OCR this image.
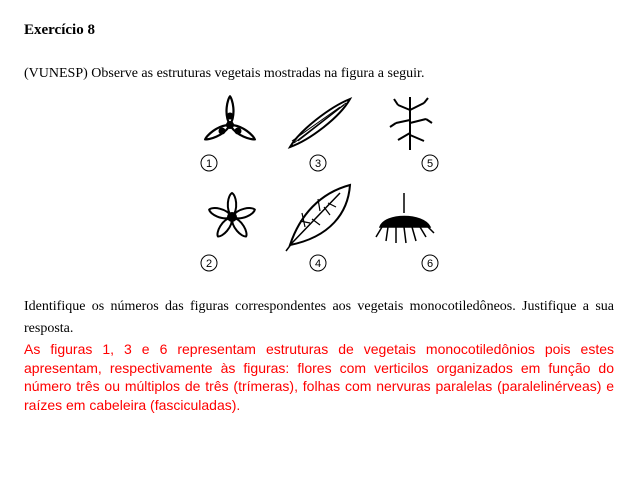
Exercício 8
(VUNESP) Observe as estruturas vegetais mostradas na figura a seguir.
1	3	5
2	4	6
Identifique os números das figuras correspondentes aos vegetais monocotiledôneos. Justifique a sua resposta.
As figuras 1, 3 e 6 representam estruturas de vegetais monocotiledônios pois estes apresentam, respectivamente às figuras: flores com verticilos organizados em função do número três ou múltiplos de três (trímeras), folhas com nervuras paralelas (paralelinérveas) e raízes em cabeleira (fasciculadas).
